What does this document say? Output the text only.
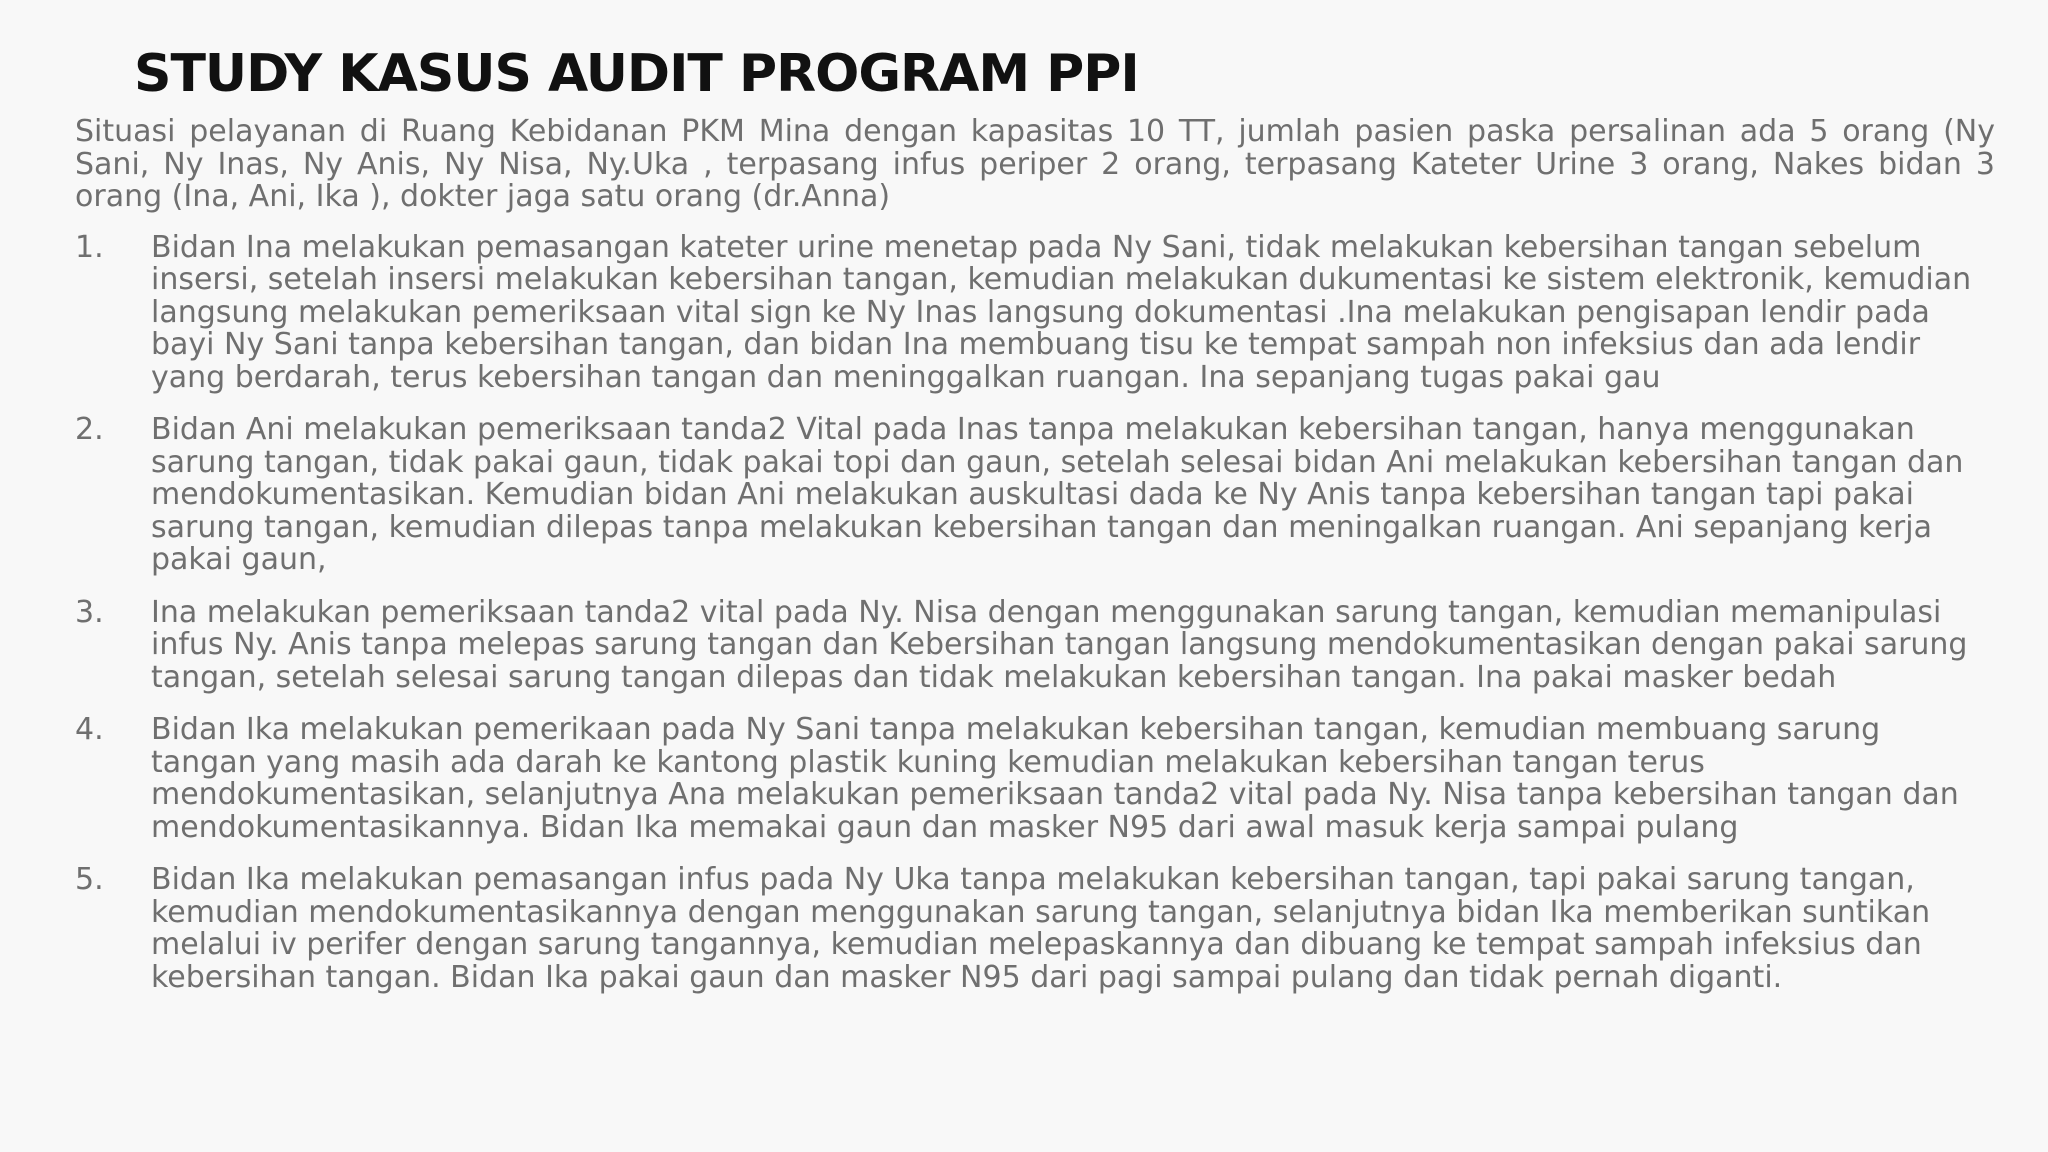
STUDY KASUS AUDIT PROGRAM PPI

Situasi pelayanan di Ruang Kebidanan PKM Mina dengan kapasitas 10 TT, jumlah pasien paska persalinan ada 5 orang (Ny Sani, Ny Inas, Ny Anis, Ny Nisa, Ny.Uka , terpasang infus periper 2 orang, terpasang Kateter Urine 3 orang, Nakes bidan 3 orang (Ina, Ani, Ika ), dokter jaga satu orang (dr.Anna)

1.	Bidan Ina melakukan pemasangan kateter urine menetap pada Ny Sani, tidak melakukan kebersihan tangan sebelum insersi, setelah insersi melakukan kebersihan tangan, kemudian melakukan dukumentasi ke sistem elektronik, kemudian langsung melakukan pemeriksaan vital sign ke Ny Inas langsung dokumentasi .Ina melakukan pengisapan lendir pada bayi Ny Sani tanpa kebersihan tangan, dan bidan Ina membuang tisu ke tempat sampah non infeksius dan ada lendir yang berdarah, terus kebersihan tangan dan meninggalkan ruangan. Ina sepanjang tugas pakai gau
2.	Bidan Ani melakukan pemeriksaan tanda2 Vital pada Inas tanpa melakukan kebersihan tangan, hanya menggunakan sarung tangan, tidak pakai gaun, tidak pakai topi dan gaun, setelah selesai bidan Ani melakukan kebersihan tangan dan mendokumentasikan. Kemudian bidan Ani melakukan auskultasi dada ke Ny Anis tanpa kebersihan tangan tapi pakai sarung tangan, kemudian dilepas tanpa melakukan kebersihan tangan dan meningalkan ruangan. Ani sepanjang kerja pakai gaun,
3.	Ina melakukan pemeriksaan tanda2 vital pada Ny. Nisa dengan menggunakan sarung tangan, kemudian memanipulasi infus Ny. Anis tanpa melepas sarung tangan dan Kebersihan tangan langsung mendokumentasikan dengan pakai sarung tangan, setelah selesai sarung tangan dilepas dan tidak melakukan kebersihan tangan. Ina pakai masker bedah
4.	Bidan Ika melakukan pemerikaan pada Ny Sani tanpa melakukan kebersihan tangan, kemudian membuang sarung tangan yang masih ada darah ke kantong plastik kuning kemudian melakukan kebersihan tangan terus mendokumentasikan, selanjutnya Ana melakukan pemeriksaan tanda2 vital pada Ny. Nisa tanpa kebersihan tangan dan mendokumentasikannya. Bidan Ika memakai gaun dan masker N95 dari awal masuk kerja sampai pulang
5.	Bidan Ika melakukan pemasangan infus pada Ny Uka tanpa melakukan kebersihan tangan, tapi pakai sarung tangan, kemudian mendokumentasikannya dengan menggunakan sarung tangan, selanjutnya bidan Ika memberikan suntikan melalui iv perifer dengan sarung tangannya, kemudian melepaskannya dan dibuang ke tempat sampah infeksius dan kebersihan tangan. Bidan Ika pakai gaun dan masker N95 dari pagi sampai pulang dan tidak pernah diganti.
